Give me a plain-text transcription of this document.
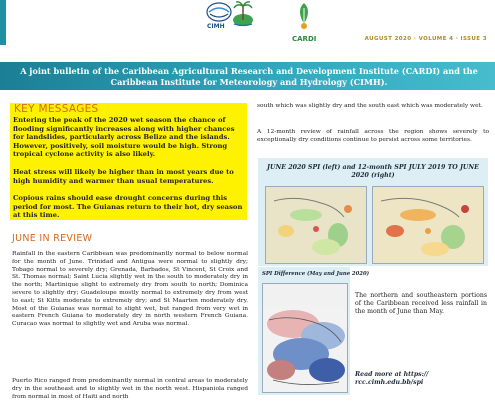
CIMH
CARDI	AUGUST 2020 · VOLUME 4 · ISSUE 3
A joint bulletin of the Caribbean Agricultural Research and Development Institute (CARDI) and the Caribbean Institute for Meteorology and Hydrology (CIMH).
KEY MESSAGES

Entering the peak of the 2020 wet season the chance of flooding significantly increases along with higher chances for landslides, particularly across Belize and the islands. However, positively, soil moisture would be high. Strong tropical cyclone activity is also likely.

Heat stress will likely be higher than in most years due to high humidity and warmer than usual temperatures.

Copious rains should ease drought concerns during this period for most. The Guianas return to their hot, dry season at this time.

JUNE IN REVIEW

Rainfall in the eastern Caribbean was predominantly normal to below normal for the month of June. Trinidad and Antigua were normal to slightly dry; Tobago normal to severely dry; Grenada, Barbados, St Vincent, St Croix and St. Thomas normal; Saint Lucia slightly wet in the south to moderately dry in the north; Martinique slight to extremely dry from south to north; Dominica severe to slightly dry; Guadeloupe mostly normal to extremely dry from west to east; St Kitts moderate to extremely dry; and St Maarten moderately dry. Most of the Guianas was normal to slight wet, but ranged from very wet in eastern French Guiana to moderately dry in north western French Guiana. Curacao was normal to slightly wet and Aruba was normal.

Puerto Rico ranged from predominantly normal in central areas to moderately dry in the southeast and to slightly wet in the north west. Hispaniola ranged from normal in most of Haiti and north

south which was slightly dry and the south east which was moderately wet.

A 12-month review of rainfall across the region shows severely to exceptionally dry conditions continue to persist across some territories.

JUNE 2020 SPI (left) and 12-month SPI JULY 2019 TO JUNE 2020 (right)
SPI Difference (May and June 2020)

The northern and southeastern portions of the Caribbean received less rainfall in the month of June than May.

Read more at https:// rcc.cimh.edu.bb/spi
